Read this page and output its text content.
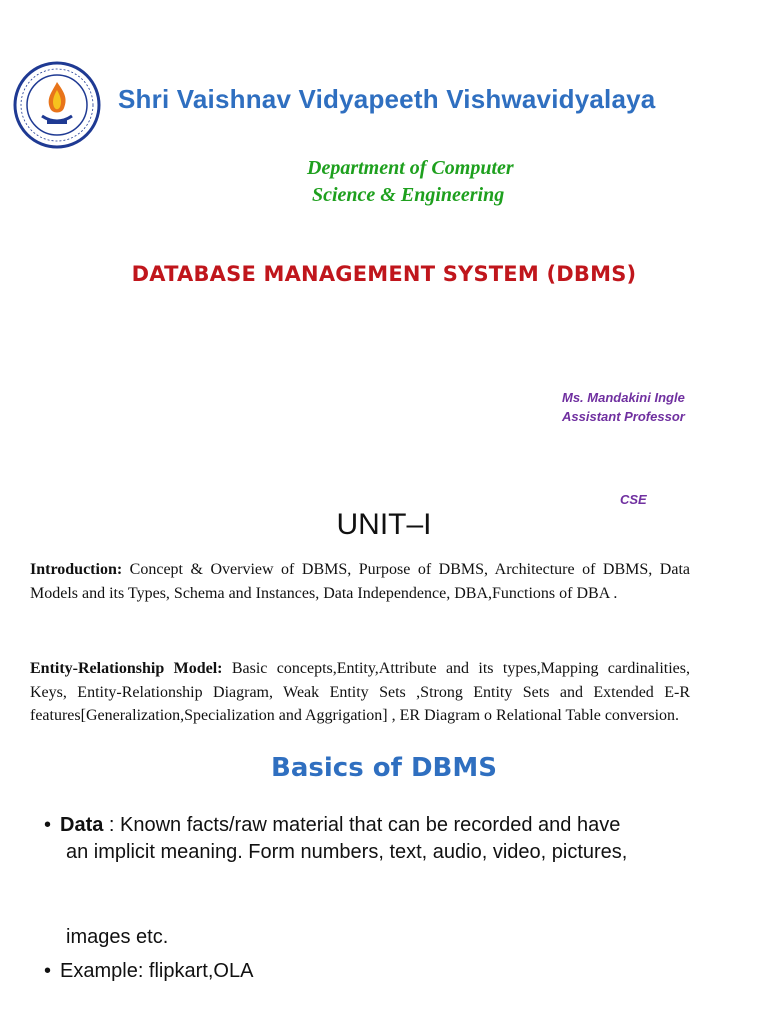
Shri Vaishnav Vidyapeeth Vishwavidyalaya
Department of Computer
Science & Engineering
DATABASE MANAGEMENT SYSTEM (DBMS)
Ms. Mandakini Ingle
Assistant Professor
CSE
UNIT–I
Introduction: Concept & Overview of DBMS, Purpose of DBMS, Architecture of DBMS, Data Models and its Types, Schema and Instances, Data Independence, DBA,Functions of DBA .
Entity-Relationship Model: Basic concepts,Entity,Attribute and its types,Mapping cardinalities, Keys, Entity-Relationship Diagram, Weak Entity Sets ,Strong Entity Sets and Extended E-R features[Generalization,Specialization and Aggrigation] , ER Diagram o Relational Table conversion.
Basics of DBMS
• Data : Known facts/raw material that can be recorded and have
an implicit meaning. Form numbers, text, audio, video, pictures,
images etc.
• Example: flipkart,OLA
